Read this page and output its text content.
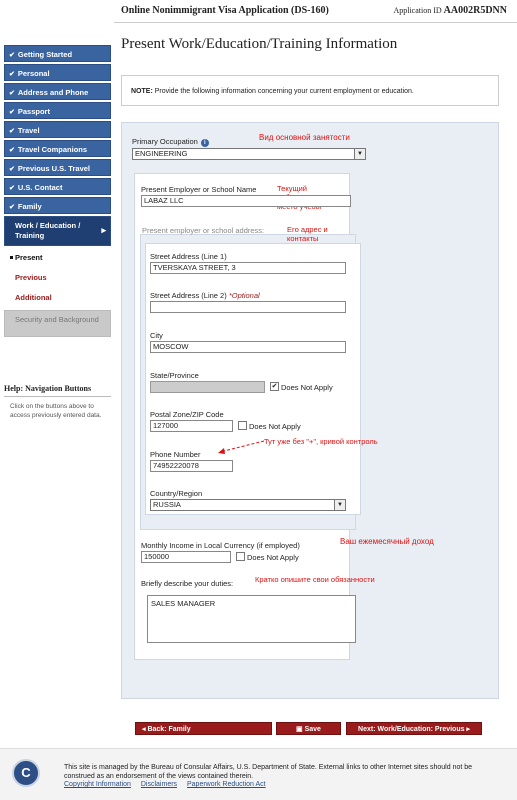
Online Nonimmigrant Visa Application (DS-160)	Application ID AA002R5DNN
✔ Getting Started
✔ Personal
✔ Address and Phone
✔ Passport
✔ Travel
✔ Travel Companions
✔ Previous U.S. Travel
✔ U.S. Contact
✔ Family
Work / Education / Training
▸
Present
Previous
Additional
Security and Background
Help: Navigation Buttons
Click on the buttons above to access previously entered data.
Present Work/Education/Training Information
NOTE: Provide the following information concerning your current employment or education.
Primary Occupation i
Вид основной занятости
ENGINEERING	▼
Present Employer or School Name	Текущий
LABAZ LLC
Present employer or school address:	Его адрес и контакты
Street Address (Line 1)
TVERSKAYA STREET, 3
Street Address (Line 2) *Optional
City
MOSCOW
State/Province
✔ Does Not Apply
Postal Zone/ZIP Code
127000	Does Not Apply
Phone Number
74952220078
Тут уже без "+", кривой контроль
Country/Region
RUSSIA	▼
Monthly Income in Local Currency (if employed)	Ваш ежемесячный доход
150000	Does Not Apply
Briefly describe your duties:	Кратко опишите свои обязанности
SALES MANAGER
◂ Back: Family	▣ Save	Next: Work/Education: Previous ▸
C	This site is managed by the Bureau of Consular Affairs, U.S. Department of State. External links to other Internet sites should not be construed as an endorsement of the views contained therein.
Copyright Information Disclaimers Paperwork Reduction Act
